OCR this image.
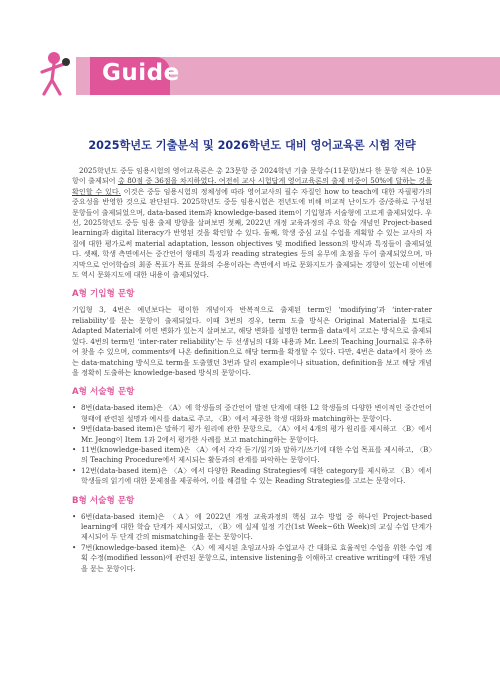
Guide
2025학년도 기출분석 및 2026학년도 대비 영어교육론 시험 전략

2025학년도 중등 임용시험의 영어교육론은 총 23문항 중 2024학년 기출 문항수(11문항)보다 한 문항 적은 10문항이 출제되어 총 80점 중 36점을 차지하였다. 여전히 교사 시험답게 영어교육론의 출제 비중이 50%에 달하는 것을 확인할 수 있다. 이것은 중등 임용시험의 정체성에 따라 영어교사의 필수 자질인 how to teach에 대한 자필평가의 중요성을 반영한 것으로 판단된다. 2025학년도 중등 임용시험은 전년도에 비해 비교적 난이도가 중/중하로 구성된 문항들이 출제되었으며, data-based item과 knowledge-based item이 기입형과 서술형에 고르게 출제되었다. 우선, 2025학년도 중등 임용 출제 방향을 살펴보면 첫째, 2022년 개정 교육과정의 주요 학습 개념인 Project-based learning과 digital literacy가 반영된 것을 확인할 수 있다. 둘째, 학생 중심 교실 수업을 계획할 수 있는 교사의 자질에 대한 평가로써 material adaptation, lesson objectives 및 modified lesson의 방식과 특징들이 출제되었다. 셋째, 학생 측면에서는 중간언어 형태의 특징과 reading strategies 등의 유무에 초점을 두어 출제되었으며, 마지막으로 언어학습의 최종 목표가 목표 문화의 수용이라는 측면에서 바로 문화지도가 출제되는 경향이 있는데 이번에도 역시 문화지도에 대한 내용이 출제되었다.

A형 기입형 문항

기입형 3, 4번은 예년보다는 평이한 개념이자 반복적으로 출제된 term인 ‘modifying’과 ‘inter-rater reliability’를 묻는 문항이 출제되었다. 이때 3번의 경우, term 도출 방식은 Original Material을 토대로 Adapted Material에 어떤 변화가 있는지 살펴보고, 해당 변화를 설명한 term을 data에서 고르는 방식으로 출제되었다. 4번의 term인 ‘inter-rater reliability’는 두 선생님의 대화 내용과 Mr. Lee의 Teaching Journal로 유추하여 찾을 수 있으며, comments에 나온 definition으로 해당 term을 확정할 수 있다. 다만, 4번은 data에서 찾아 쓰는 data-matching 방식으로 term을 도출했던 3번과 달리 example이나 situation, definition을 보고 해당 개념을 정확히 도출하는 knowledge-based 방식의 문항이다.

A형 서술형 문항
• 8번(data-based item)은 〈A〉에 학생들의 중간언어 발전 단계에 대한 L2 학생들의 다양한 변이적인 중간언어 형태에 관련된 설명과 예시를 data로 주고, 〈B〉에서 제공한 학생 대화와 matching하는 문항이다.
• 9번(data-based item)은 말하기 평가 원리에 관한 문항으로, 〈A〉에서 4개의 평가 원리를 제시하고 〈B〉에서 Mr. Jeong이 Item 1과 2에서 평가한 사례를 보고 matching하는 문항이다.
• 11번(knowledge-based item)은 〈A〉에서 각각 듣기/읽기와 말하기/쓰기에 대한 수업 목표를 제시하고, 〈B〉의 Teaching Procedure에서 제시되는 활동과의 관계를 파악하는 문항이다.
• 12번(data-based item)은 〈A〉에서 다양한 Reading Strategies에 대한 category를 제시하고 〈B〉에서 학생들의 읽기에 대한 문제점을 제공하여, 이를 해결할 수 있는 Reading Strategies를 고르는 문항이다.
B형 서술형 문항
• 6번(data-based item)은 〈A〉에 2022년 개정 교육과정의 핵심 교수 방법 중 하나인 Project-based learning에 대한 학습 단계가 제시되었고, 〈B〉에 실제 일정 기간(1st Week~6th Week)의 교실 수업 단계가 제시되어 두 단계 간의 mismatching을 묻는 문항이다.
• 7번(knowledge-based item)은 〈A〉에 제시된 초임교사와 수업교사 간 대화로 효율적인 수업을 위한 수업 계획 수정(modified lesson)에 관련된 문항으로, intensive listening을 이해하고 creative writing에 대한 개념을 묻는 문항이다.
